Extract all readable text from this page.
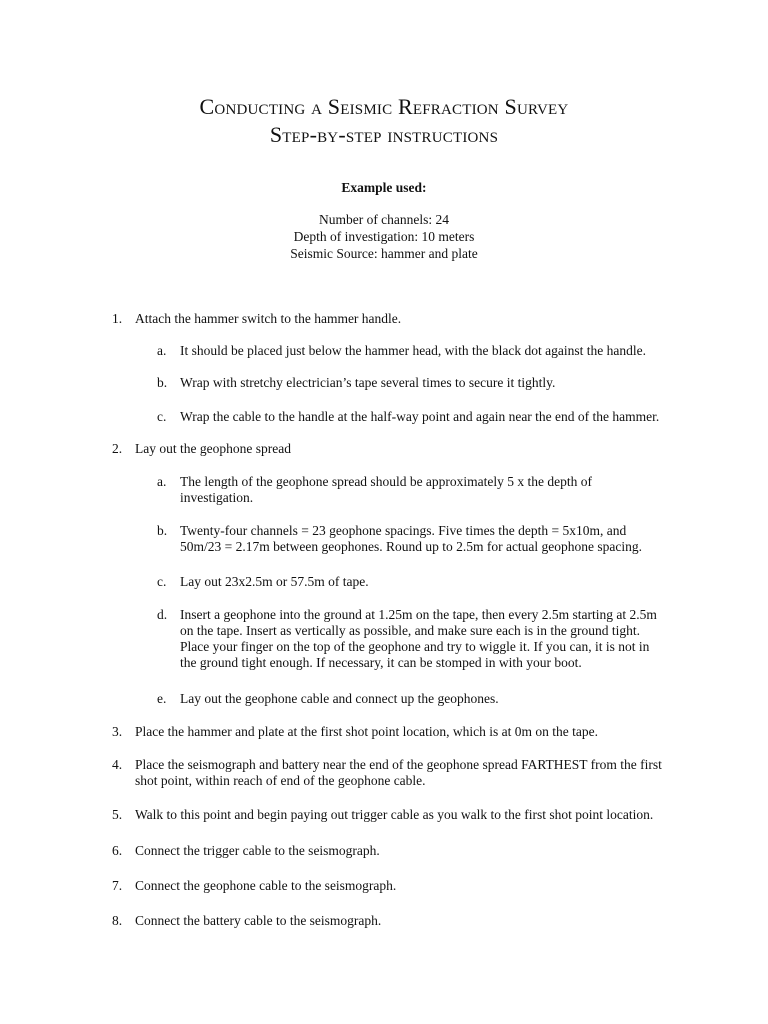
Conducting a Seismic Refraction Survey
Step-by-step instructions
Example used:
Number of channels: 24
Depth of investigation: 10 meters
Seismic Source: hammer and plate
1. Attach the hammer switch to the hammer handle.
a. It should be placed just below the hammer head, with the black dot against the handle.
b. Wrap with stretchy electrician’s tape several times to secure it tightly.
c. Wrap the cable to the handle at the half-way point and again near the end of the hammer.
2. Lay out the geophone spread
a. The length of the geophone spread should be approximately 5 x the depth of
investigation.
b. Twenty-four channels = 23 geophone spacings. Five times the depth = 5x10m, and
50m/23 = 2.17m between geophones. Round up to 2.5m for actual geophone spacing.
c. Lay out 23x2.5m or 57.5m of tape.
d. Insert a geophone into the ground at 1.25m on the tape, then every 2.5m starting at 2.5m
on the tape. Insert as vertically as possible, and make sure each is in the ground tight.
Place your finger on the top of the geophone and try to wiggle it. If you can, it is not in
the ground tight enough. If necessary, it can be stomped in with your boot.
e. Lay out the geophone cable and connect up the geophones.
3. Place the hammer and plate at the first shot point location, which is at 0m on the tape.
4. Place the seismograph and battery near the end of the geophone spread FARTHEST from the first
shot point, within reach of end of the geophone cable.
5. Walk to this point and begin paying out trigger cable as you walk to the first shot point location.
6. Connect the trigger cable to the seismograph.
7. Connect the geophone cable to the seismograph.
8. Connect the battery cable to the seismograph.
